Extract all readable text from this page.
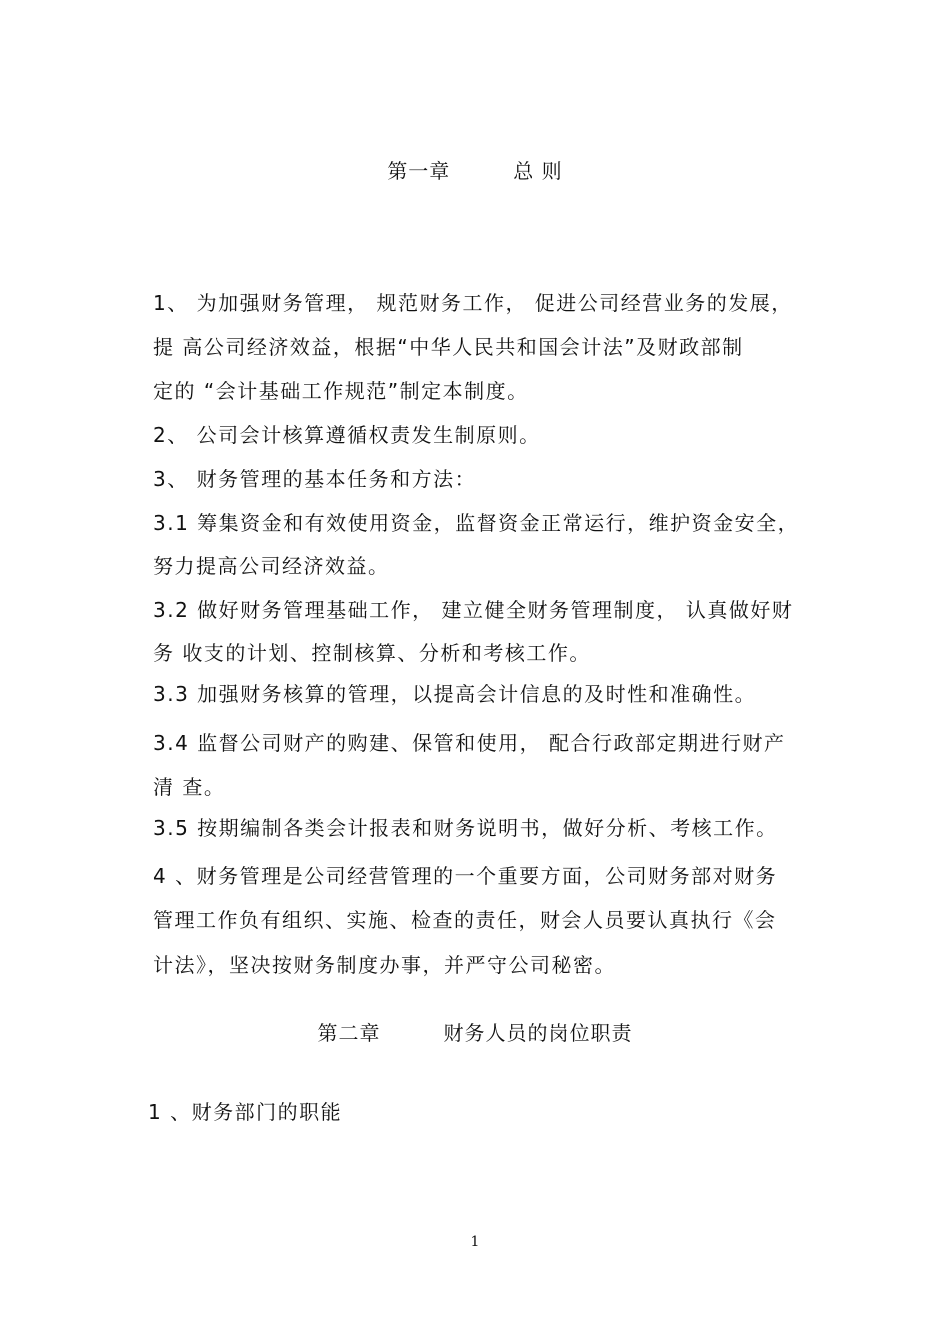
第一章　　　总 则
1、 为加强财务管理， 规范财务工作， 促进公司经营业务的发展，
提 高公司经济效益，根据“中华人民共和国会计法”及财政部制
定的 “会计基础工作规范”制定本制度。
2、 公司会计核算遵循权责发生制原则。
3、 财务管理的基本任务和方法：
3.1 筹集资金和有效使用资金，监督资金正常运行，维护资金安全，
努力提高公司经济效益。
3.2 做好财务管理基础工作， 建立健全财务管理制度， 认真做好财
务 收支的计划、控制核算、分析和考核工作。
3.3 加强财务核算的管理，以提高会计信息的及时性和准确性。
3.4 监督公司财产的购建、保管和使用， 配合行政部定期进行财产
清 查。
3.5 按期编制各类会计报表和财务说明书，做好分析、考核工作。
4 、财务管理是公司经营管理的一个重要方面，公司财务部对财务
管理工作负有组织、实施、检查的责任，财会人员要认真执行《会
计法》，坚决按财务制度办事，并严守公司秘密。
第二章　　　财务人员的岗位职责
1 、财务部门的职能
1
